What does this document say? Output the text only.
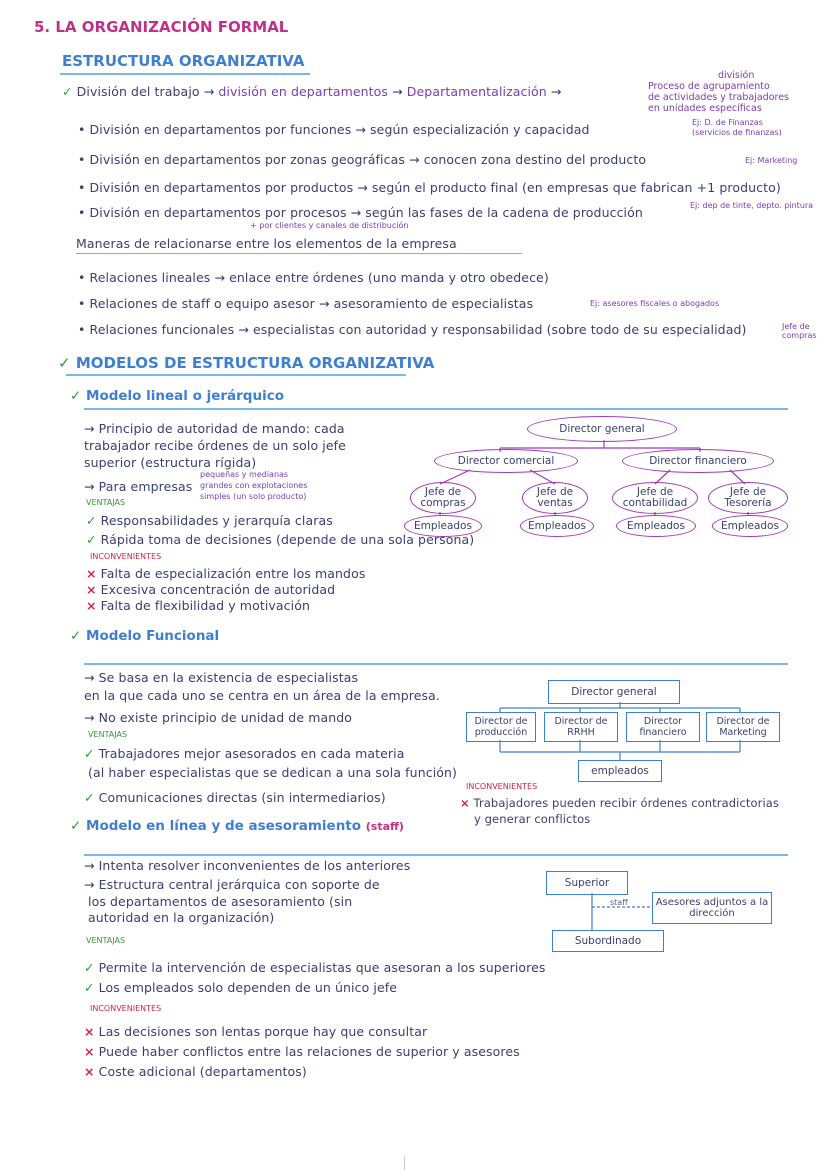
5. LA ORGANIZACIÓN FORMAL
ESTRUCTURA ORGANIZATIVA
✓ División del trabajo → división en departamentos → Departamentalización →
división
Proceso de agrupamiento
de actividades y trabajadores
en unidades específicas
• División en departamentos por funciones → según especialización y capacidad	Ej: D. de Finanzas (servicios de finanzas)
• División en departamentos por zonas geográficas → conocen zona destino del producto	Ej: Marketing
• División en departamentos por productos → según el producto final (en empresas que fabrican +1 producto)
• División en departamentos por procesos → según las fases de la cadena de producción	Ej: dep de tinte, depto. pintura
+ por clientes y canales de distribución
Maneras de relacionarse entre los elementos de la empresa
• Relaciones lineales → enlace entre órdenes (uno manda y otro obedece)
• Relaciones de staff o equipo asesor → asesoramiento de especialistas	Ej: asesores fiscales o abogados
• Relaciones funcionales → especialistas con autoridad y responsabilidad (sobre todo de su especialidad)	Jefe de compras
✓ MODELOS DE ESTRUCTURA ORGANIZATIVA
✓ Modelo lineal o jerárquico
→ Principio de autoridad de mando: cada
trabajador recibe órdenes de un solo jefe
superior (estructura rígida)
→ Para empresas
pequeñas y medianas
grandes con explotaciones
simples (un solo producto)
VENTAJAS
✓ Responsabilidades y jerarquía claras
✓ Rápida toma de decisiones (depende de una sola persona)
INCONVENIENTES
× Falta de especialización entre los mandos
× Excesiva concentración de autoridad
× Falta de flexibilidad y motivación
Director general
Director comercial	Director financiero
Jefe de compras
Jefe de ventas
Jefe de contabilidad
Jefe de Tesorería
Empleados	Empleados	Empleados	Empleados
✓ Modelo Funcional
→ Se basa en la existencia de especialistas
en la que cada uno se centra en un área de la empresa.
→ No existe principio de unidad de mando
VENTAJAS
✓ Trabajadores mejor asesorados en cada materia
(al haber especialistas que se dedican a una sola función)
✓ Comunicaciones directas (sin intermediarios)
INCONVENIENTES
× Trabajadores pueden recibir órdenes contradictorias
y generar conflictos
Director general
Director de producción
Director de RRHH
Director financiero
Director de Marketing
empleados
✓ Modelo en línea y de asesoramiento (staff)
→ Intenta resolver inconvenientes de los anteriores
→ Estructura central jerárquica con soporte de
los departamentos de asesoramiento (sin
autoridad en la organización)
VENTAJAS
✓ Permite la intervención de especialistas que asesoran a los superiores
✓ Los empleados solo dependen de un único jefe
INCONVENIENTES
× Las decisiones son lentas porque hay que consultar
× Puede haber conflictos entre las relaciones de superior y asesores
× Coste adicional (departamentos)
Superior
staff	Asesores adjuntos a la dirección
Subordinado
